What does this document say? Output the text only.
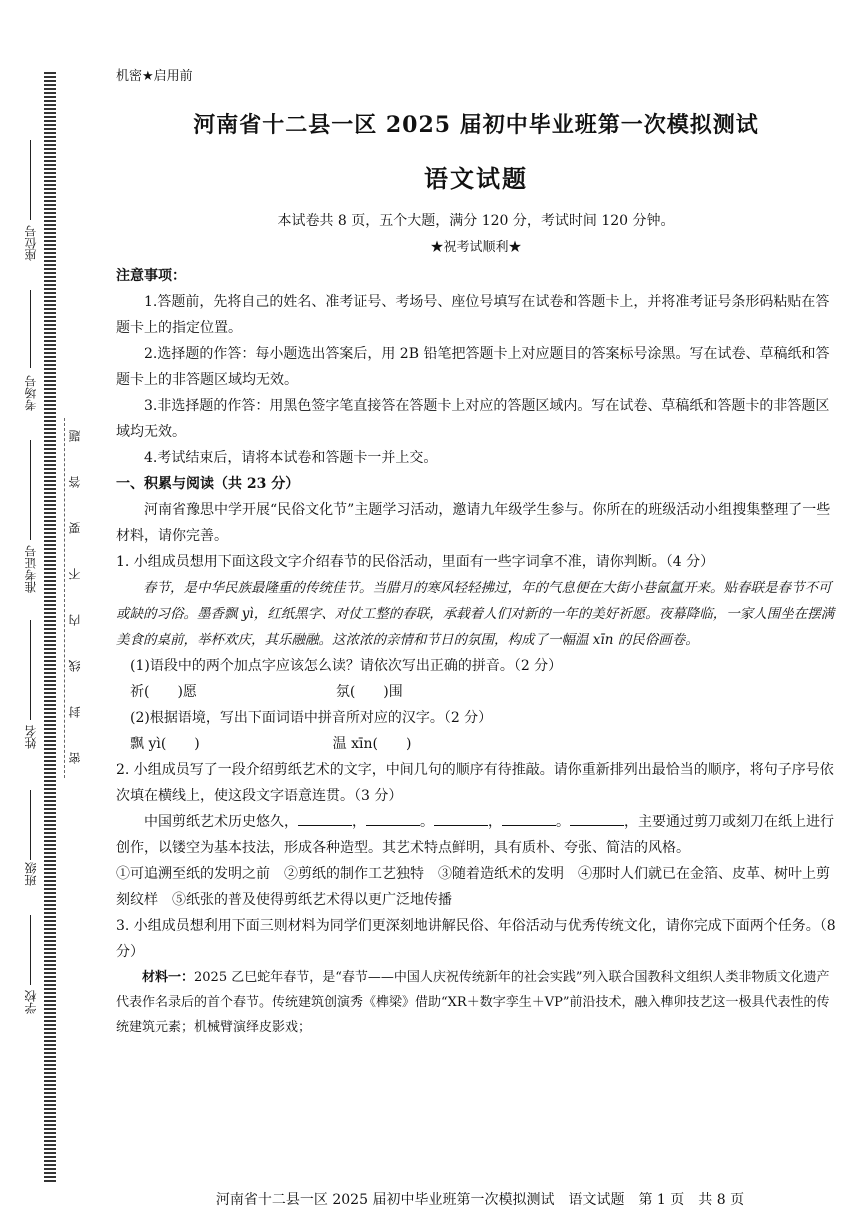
座位号
考场号
准考证号
姓名
班级
学校
题
答
要
不
内
线
封
密

机密★启用前

河南省十二县一区 2025 届初中毕业班第一次模拟测试
语文试题
本试卷共 8 页，五个大题，满分 120 分，考试时间 120 分钟。
★祝考试顺利★

注意事项：

1.答题前，先将自己的姓名、准考证号、考场号、座位号填写在试卷和答题卡上，并将准考证号条形码粘贴在答题卡上的指定位置。

2.选择题的作答：每小题选出答案后，用 2B 铅笔把答题卡上对应题目的答案标号涂黑。写在试卷、草稿纸和答题卡上的非答题区域均无效。

3.非选择题的作答：用黑色签字笔直接答在答题卡上对应的答题区域内。写在试卷、草稿纸和答题卡的非答题区域均无效。

4.考试结束后，请将本试卷和答题卡一并上交。

一、积累与阅读（共 23 分）

河南省豫思中学开展“民俗文化节”主题学习活动，邀请九年级学生参与。你所在的班级活动小组搜集整理了一些材料，请你完善。

1. 小组成员想用下面这段文字介绍春节的民俗活动，里面有一些字词拿不准，请你判断。（4 分）

春节，是中华民族最隆重的传统佳节。当腊月的寒风轻轻拂过，年的气息便在大街小巷氤氲开来。贴春联是春节不可或缺的习俗。墨香飘 yì，红纸黑字、对仗工整的春联，承载着人们对新的一年的美好祈愿。夜幕降临，一家人围坐在摆满美食的桌前，举杯欢庆，其乐融融。这浓浓的亲情和节日的氛围，构成了一幅温 xīn 的民俗画卷。

(1)语段中的两个加点字应该怎么读？请依次写出正确的拼音。（2 分）

祈(　　)愿	氛(　　)围

(2)根据语境，写出下面词语中拼音所对应的汉字。（2 分）

飘 yì(　　)	温 xīn(　　)

2. 小组成员写了一段介绍剪纸艺术的文字，中间几句的顺序有待推敲。请你重新排列出最恰当的顺序，将句子序号依次填在横线上，使这段文字语意连贯。（3 分）

中国剪纸艺术历史悠久，	，	。	，	。	，主要通过剪刀或刻刀在纸上进行创作，以镂空为基本技法，形成各种造型。其艺术特点鲜明，具有质朴、夸张、简洁的风格。

①可追溯至纸的发明之前　②剪纸的制作工艺独特　③随着造纸术的发明　④那时人们就已在金箔、皮革、树叶上剪刻纹样　⑤纸张的普及使得剪纸艺术得以更广泛地传播

3. 小组成员想利用下面三则材料为同学们更深刻地讲解民俗、年俗活动与优秀传统文化，请你完成下面两个任务。（8 分）

材料一：2025 乙巳蛇年春节，是“春节——中国人庆祝传统新年的社会实践”列入联合国教科文组织人类非物质文化遗产代表作名录后的首个春节。传统建筑创演秀《榫梁》借助“XR＋数字孪生＋VP”前沿技术，融入榫卯技艺这一极具代表性的传统建筑元素；机械臂演绎皮影戏；

河南省十二县一区 2025 届初中毕业班第一次模拟测试　语文试题　第 1 页　共 8 页
